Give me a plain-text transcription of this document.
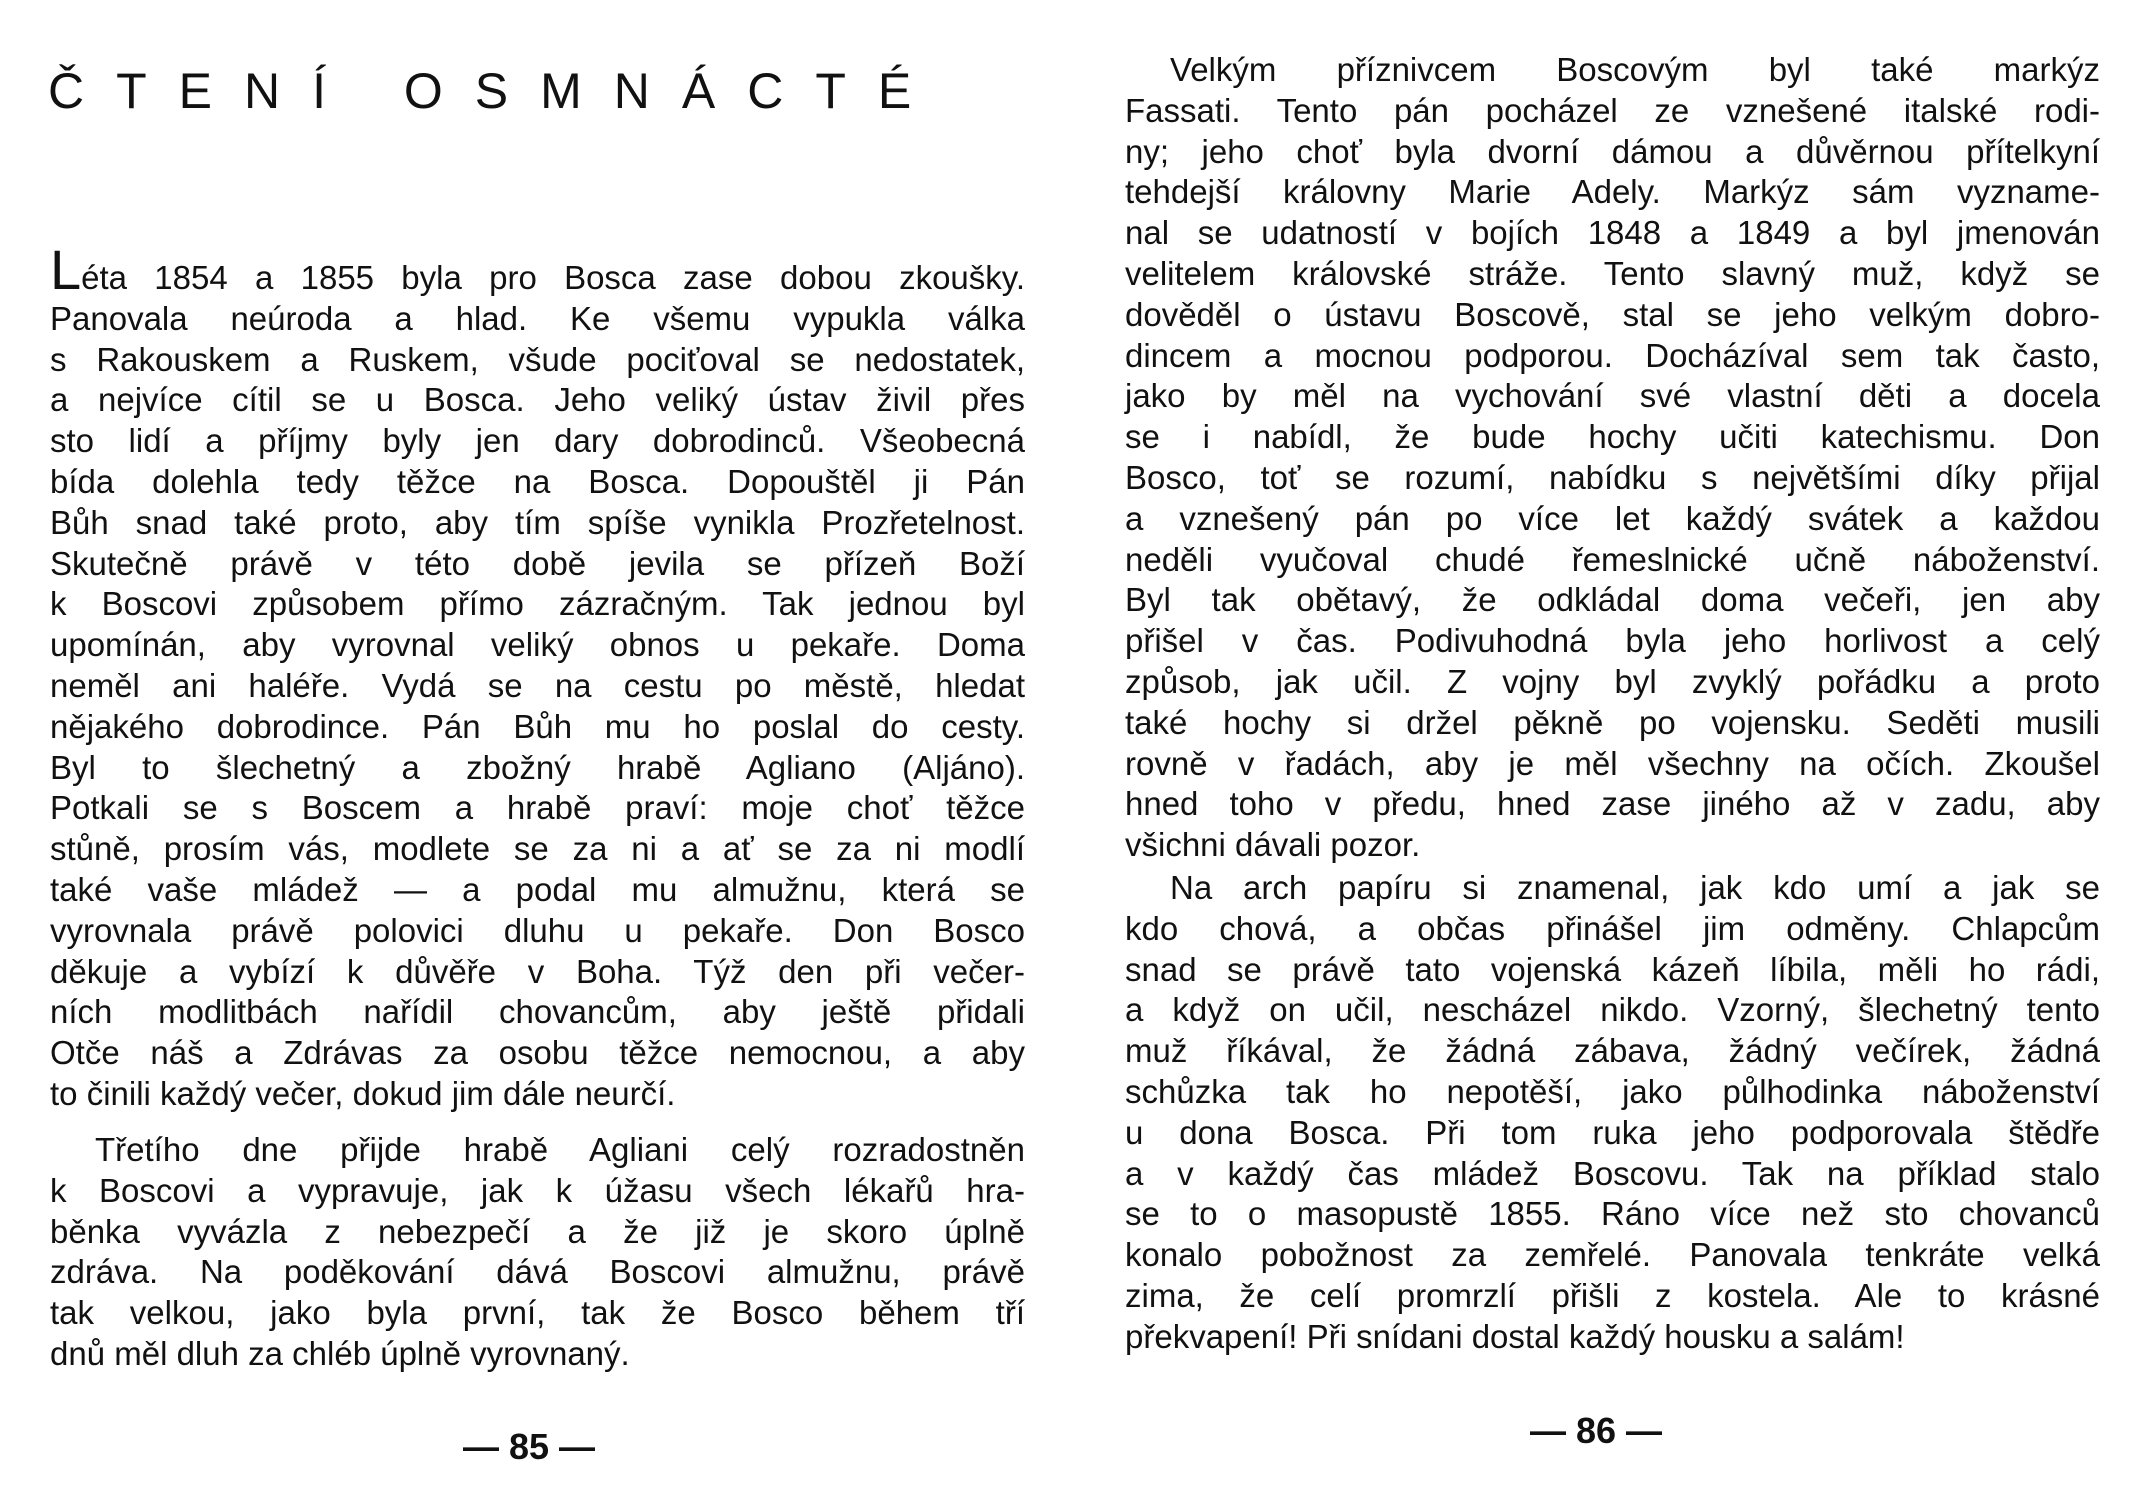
ČTENÍ OSMNÁCTÉ
Léta 1854 a 1855 byla pro Bosca zase dobou zkoušky.
Panovala neúroda a hlad. Ke všemu vypukla válka
s Rakouskem a Ruskem, všude pociťoval se nedostatek,
a nejvíce cítil se u Bosca. Jeho veliký ústav živil přes
sto lidí a příjmy byly jen dary dobrodinců. Všeobecná
bída dolehla tedy těžce na Bosca. Dopouštěl ji Pán
Bůh snad také proto, aby tím spíše vynikla Prozřetelnost.
Skutečně právě v této době jevila se přízeň Boží
k Boscovi způsobem přímo zázračným. Tak jednou byl
upomínán, aby vyrovnal veliký obnos u pekaře. Doma
neměl ani haléře. Vydá se na cestu po městě, hledat
nějakého dobrodince. Pán Bůh mu ho poslal do cesty.
Byl to šlechetný a zbožný hrabě Agliano (Aljáno).
Potkali se s Boscem a hrabě praví: moje choť těžce
stůně, prosím vás, modlete se za ni a ať se za ni modlí
také vaše mládež — a podal mu almužnu, která se
vyrovnala právě polovici dluhu u pekaře. Don Bosco
děkuje a vybízí k důvěře v Boha. Týž den při večer-
ních modlitbách nařídil chovancům, aby ještě přidali
Otče náš a Zdrávas za osobu těžce nemocnou, a aby
to činili každý večer, dokud jim dále neurčí.
Třetího dne přijde hrabě Agliani celý rozradostněn
k Boscovi a vypravuje, jak k úžasu všech lékařů hra-
běnka vyvázla z nebezpečí a že již je skoro úplně
zdráva. Na poděkování dává Boscovi almužnu, právě
tak velkou, jako byla první, tak že Bosco během tří
dnů měl dluh za chléb úplně vyrovnaný.
— 85 —
Velkým příznivcem Boscovým byl také markýz
Fassati. Tento pán pocházel ze vznešené italské rodi-
ny; jeho choť byla dvorní dámou a důvěrnou přítelkyní
tehdejší královny Marie Adely. Markýz sám vyzname-
nal se udatností v bojích 1848 a 1849 a byl jmenován
velitelem královské stráže. Tento slavný muž, když se
dověděl o ústavu Boscově, stal se jeho velkým dobro-
dincem a mocnou podporou. Docházíval sem tak často,
jako by měl na vychování své vlastní děti a docela
se i nabídl, že bude hochy učiti katechismu. Don
Bosco, toť se rozumí, nabídku s největšími díky přijal
a vznešený pán po více let každý svátek a každou
neděli vyučoval chudé řemeslnické učně náboženství.
Byl tak obětavý, že odkládal doma večeři, jen aby
přišel v čas. Podivuhodná byla jeho horlivost a celý
způsob, jak učil. Z vojny byl zvyklý pořádku a proto
také hochy si držel pěkně po vojensku. Seděti musili
rovně v řadách, aby je měl všechny na očích. Zkoušel
hned toho v předu, hned zase jiného až v zadu, aby
všichni dávali pozor.
Na arch papíru si znamenal, jak kdo umí a jak se
kdo chová, a občas přinášel jim odměny. Chlapcům
snad se právě tato vojenská kázeň líbila, měli ho rádi,
a když on učil, nescházel nikdo. Vzorný, šlechetný tento
muž říkával, že žádná zábava, žádný večírek, žádná
schůzka tak ho nepotěší, jako půlhodinka náboženství
u dona Bosca. Při tom ruka jeho podporovala štědře
a v každý čas mládež Boscovu. Tak na příklad stalo
se to o masopustě 1855. Ráno více než sto chovanců
konalo pobožnost za zemřelé. Panovala tenkráte velká
zima, že celí promrzlí přišli z kostela. Ale to krásné
překvapení! Při snídani dostal každý housku a salám!
— 86 —
